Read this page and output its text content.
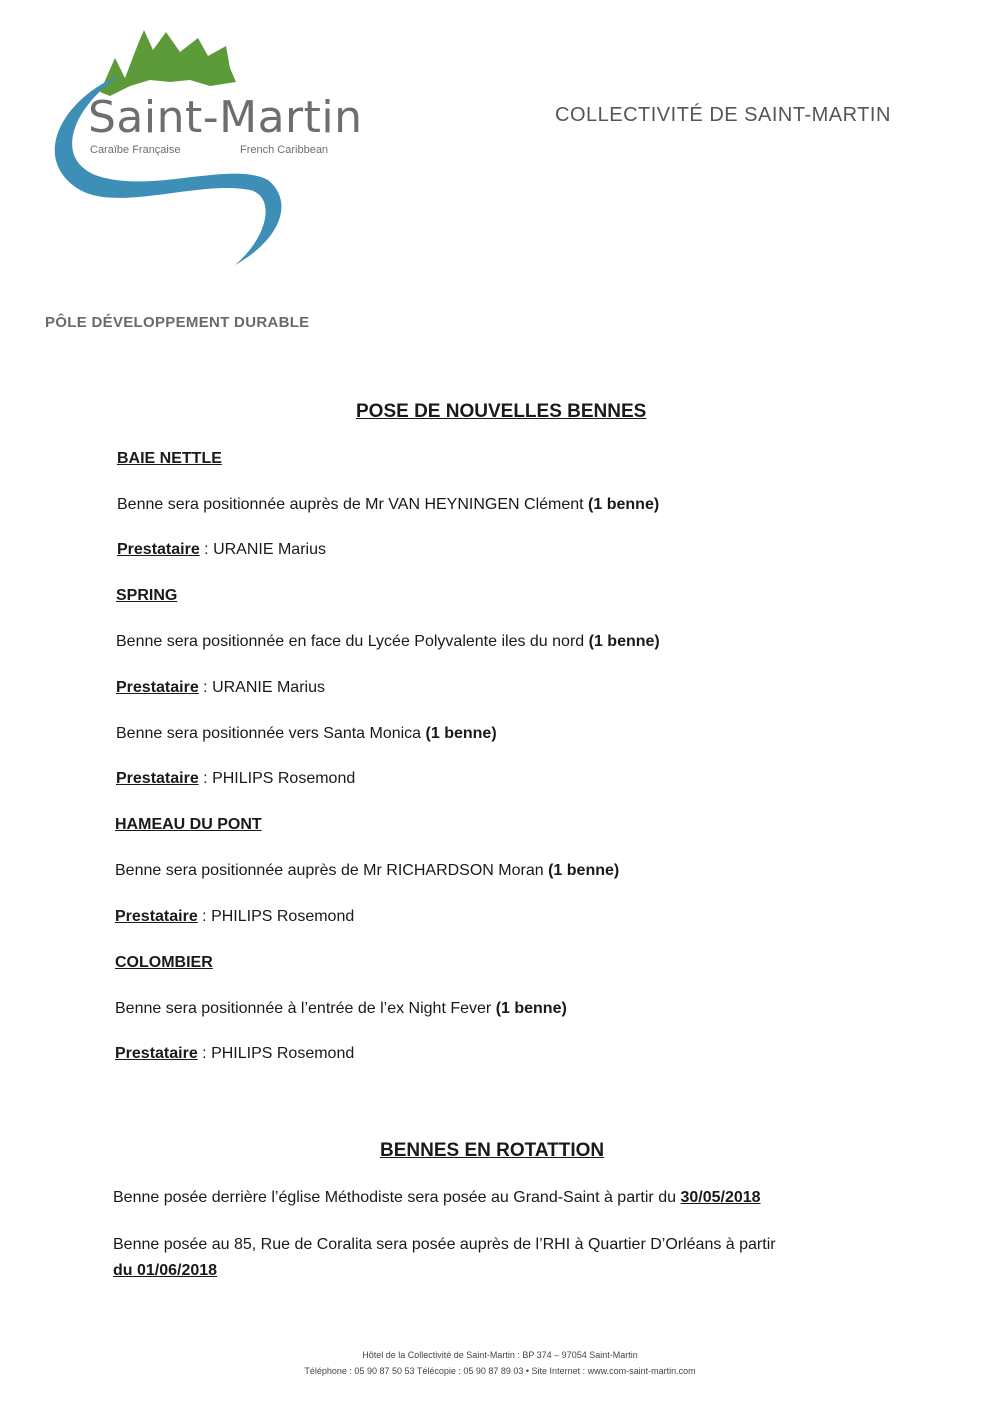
Saint-Martin
Caraïbe Française	French Caribbean
COLLECTIVITÉ DE SAINT-MARTIN
PÔLE DÉVELOPPEMENT DURABLE
POSE DE NOUVELLES BENNES
BAIE NETTLE
Benne sera positionnée auprès de Mr VAN HEYNINGEN Clément (1 benne)
Prestataire : URANIE Marius
SPRING
Benne sera positionnée en face du Lycée Polyvalente iles du nord (1 benne)
Prestataire : URANIE Marius
Benne sera positionnée vers Santa Monica (1 benne)
Prestataire : PHILIPS Rosemond
HAMEAU DU PONT
Benne sera positionnée auprès de Mr RICHARDSON Moran (1 benne)
Prestataire : PHILIPS Rosemond
COLOMBIER
Benne sera positionnée à l’entrée de l’ex Night Fever (1 benne)
Prestataire : PHILIPS Rosemond
BENNES EN ROTATTION
Benne posée derrière l’église Méthodiste sera posée au Grand-Saint à partir du 30/05/2018
Benne posée au 85, Rue de Coralita sera posée auprès de l’RHI à Quartier D’Orléans à partir
du 01/06/2018
Hôtel de la Collectivité de Saint-Martin : BP 374 – 97054 Saint-Martin
Téléphone : 05 90 87 50 53 Télécopie : 05 90 87 89 03 • Site Internet : www.com-saint-martin.com
